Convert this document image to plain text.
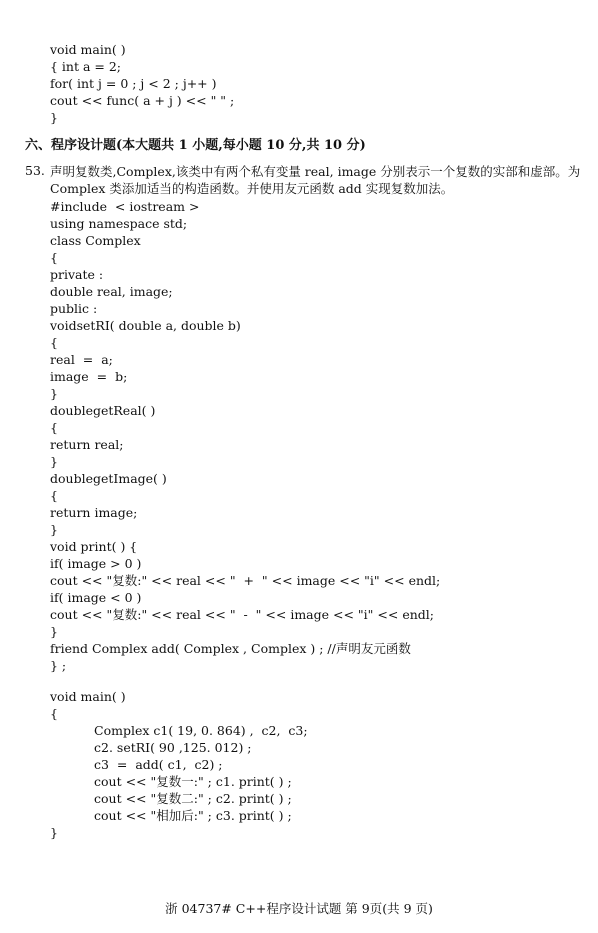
void main( )
{ int a = 2;
for( int j = 0 ; j < 2 ; j++ )
cout << func( a + j ) << " " ;
}
六、程序设计题(本大题共 1 小题,每小题 10 分,共 10 分)
53. 声明复数类,Complex,该类中有两个私有变量 real, image 分别表示一个复数的实部和虚部。为 Complex 类添加适当的构造函数。并使用友元函数 add 实现复数加法。
#include  < iostream >
using namespace std;
class Complex
{
private :
double real, image;
public :
voidsetRI( double a, double b)
{
real  =  a;
image  =  b;
}
doublegetReal( )
{
return real;
}
doublegetImage( )
{
return image;
}
void print( ) {
if( image > 0 )
cout << "复数:" << real << "  +  " << image << "i" << endl;
if( image < 0 )
cout << "复数:" << real << "  -  " << image << "i" << endl;
}
friend Complex add( Complex , Complex ) ; //声明友元函数
} ;
void main( )
{
Complex c1( 19, 0. 864) ,  c2,  c3;
c2. setRI( 90 ,125. 012) ;
c3  =  add( c1,  c2) ;
cout << "复数一:" ; c1. print( ) ;
cout << "复数二:" ; c2. print( ) ;
cout << "相加后:" ; c3. print( ) ;
}
浙 04737# C++程序设计试题 第 9页(共 9 页)
